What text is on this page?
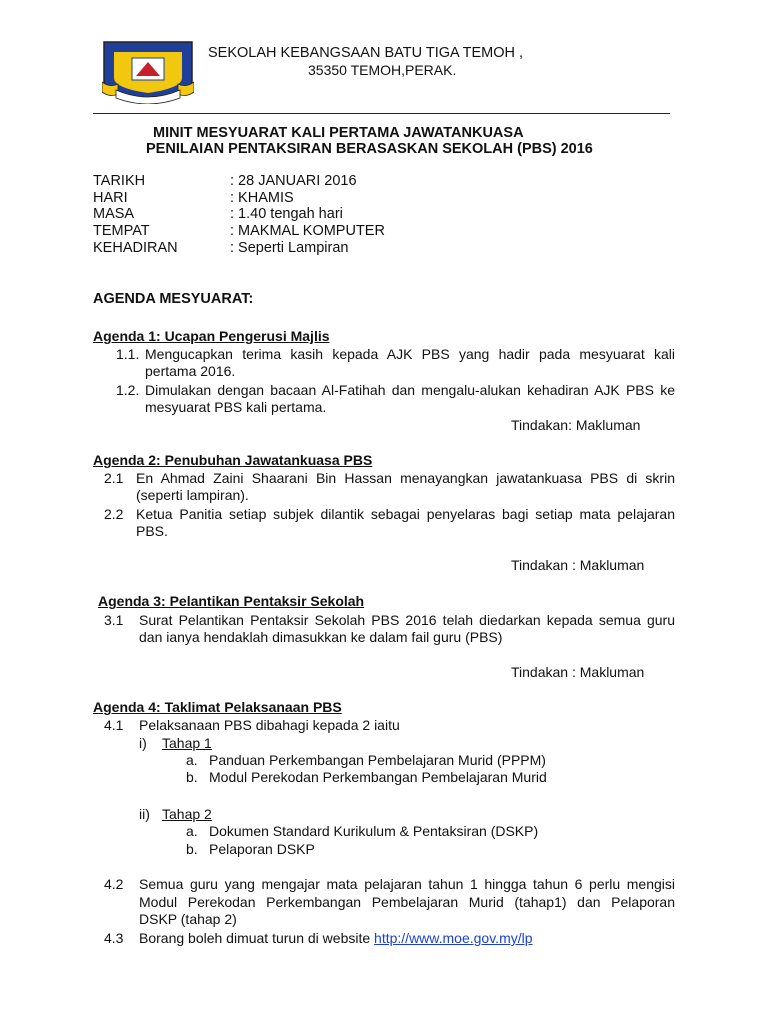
SEKOLAH KEBANGSAAN BATU TIGA TEMOH ,
35350 TEMOH,PERAK.
MINIT MESYUARAT KALI PERTAMA JAWATANKUASA
PENILAIAN PENTAKSIRAN BERASASKAN SEKOLAH (PBS) 2016
TARIKH	: 28 JANUARI 2016
HARI	: KHAMIS
MASA	: 1.40 tengah hari
TEMPAT	: MAKMAL KOMPUTER
KEHADIRAN	: Seperti Lampiran
AGENDA MESYUARAT:
Agenda 1: Ucapan Pengerusi Majlis
1.1. Mengucapkan terima kasih kepada AJK PBS yang hadir pada mesyuarat kali
pertama 2016.
1.2. Dimulakan dengan bacaan Al-Fatihah dan mengalu-alukan kehadiran AJK PBS ke
mesyuarat PBS kali pertama.
Tindakan: Makluman
Agenda 2: Penubuhan Jawatankuasa PBS
2.1 En Ahmad Zaini Shaarani Bin Hassan menayangkan jawatankuasa PBS di skrin
(seperti lampiran).
2.2 Ketua Panitia setiap subjek dilantik sebagai penyelaras bagi setiap mata pelajaran
PBS.
Tindakan : Makluman
Agenda 3: Pelantikan Pentaksir Sekolah
3.1 Surat Pelantikan Pentaksir Sekolah PBS 2016 telah diedarkan kepada semua guru
dan ianya hendaklah dimasukkan ke dalam fail guru (PBS)
Tindakan : Makluman
Agenda 4: Taklimat Pelaksanaan PBS
4.1 Pelaksanaan PBS dibahagi kepada 2 iaitu
i) Tahap 1
a. Panduan Perkembangan Pembelajaran Murid (PPPM)
b. Modul Perekodan Perkembangan Pembelajaran Murid
ii) Tahap 2
a. Dokumen Standard Kurikulum & Pentaksiran (DSKP)
b. Pelaporan DSKP
4.2 Semua guru yang mengajar mata pelajaran tahun 1 hingga tahun 6 perlu mengisi
Modul Perekodan Perkembangan Pembelajaran Murid (tahap1) dan Pelaporan
DSKP (tahap 2)
4.3 Borang boleh dimuat turun di website http://www.moe.gov.my/lp
